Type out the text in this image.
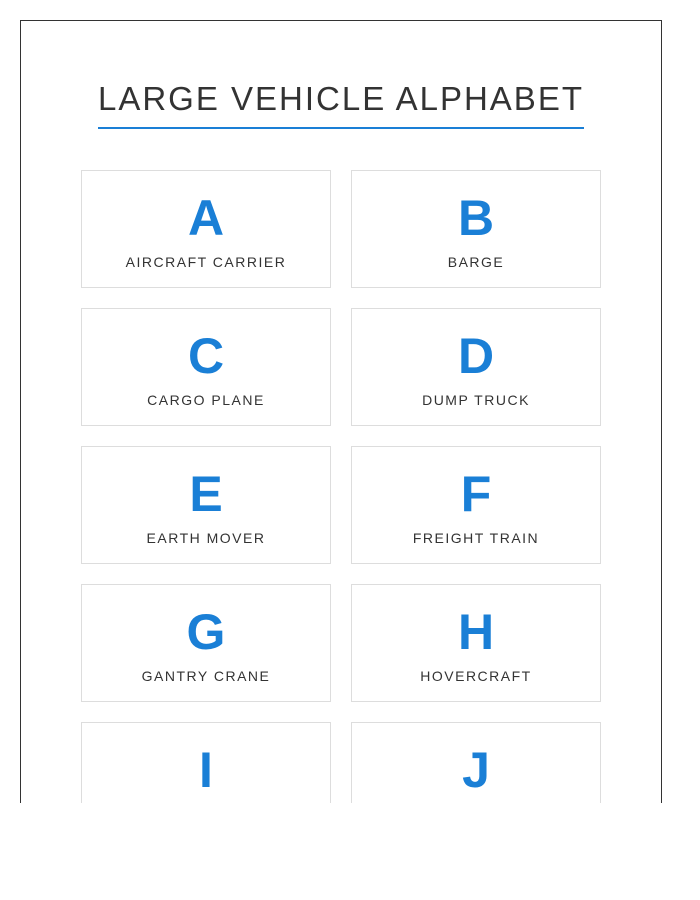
LARGE VEHICLE ALPHABET
A
AIRCRAFT CARRIER
B
BARGE
C
CARGO PLANE
D
DUMP TRUCK
E
EARTH MOVER
F
FREIGHT TRAIN
G
GANTRY CRANE
H
HOVERCRAFT
I	J
